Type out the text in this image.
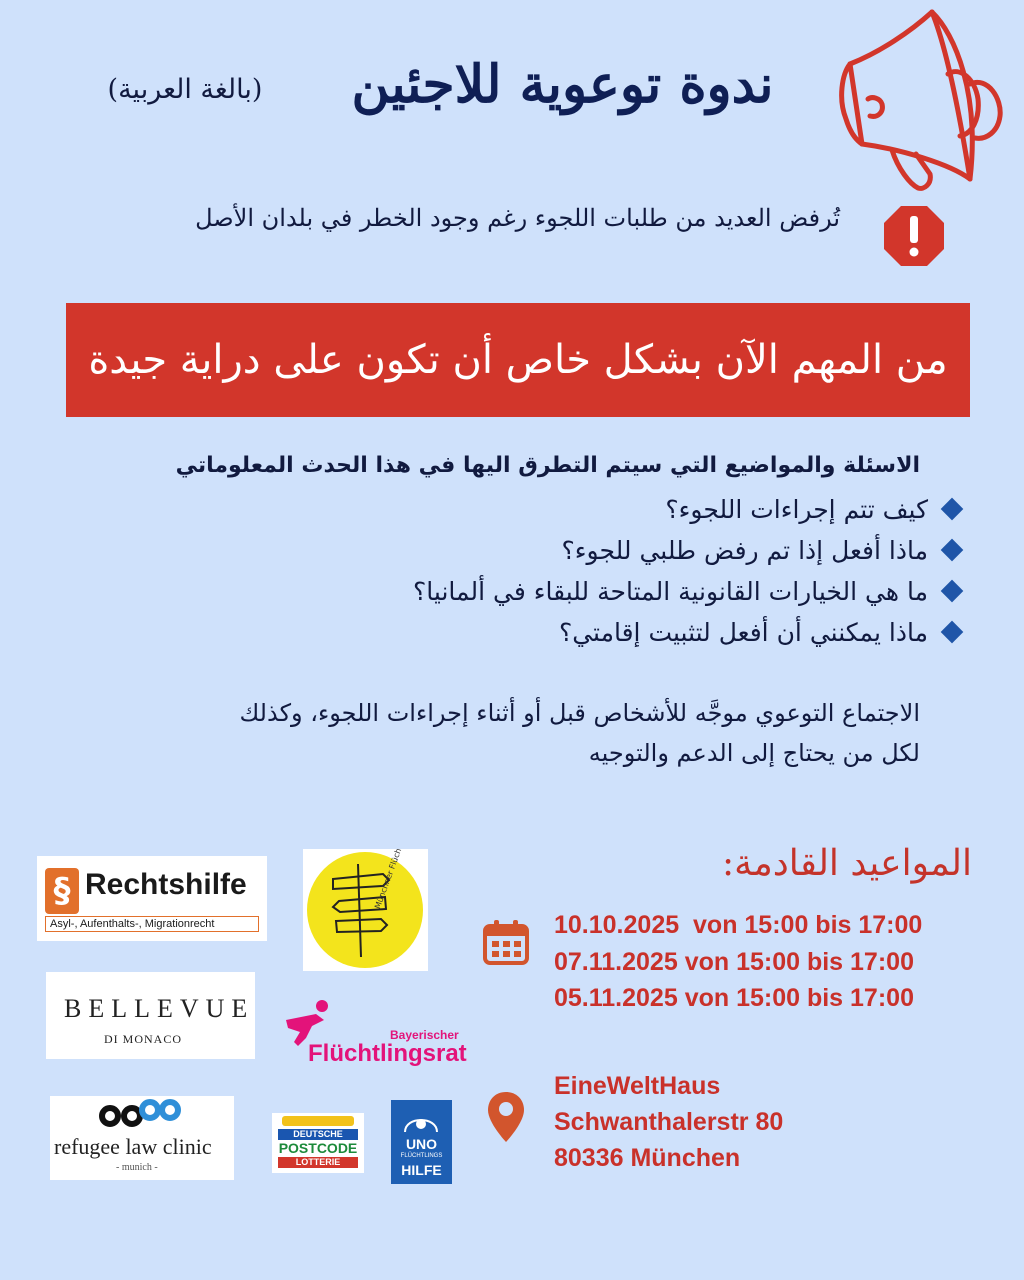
ندوة توعوية للاجئين
(بالغة العربية)
تُرفض العديد من طلبات اللجوء رغم وجود الخطر في بلدان الأصل
من المهم الآن بشكل خاص أن تكون على دراية جيدة
الاسئلة والمواضيع التي سيتم التطرق اليها في هذا الحدث المعلوماتي
كيف تتم إجراءات اللجوء؟
ماذا أفعل إذا تم رفض طلبي للجوء؟
ما هي الخيارات القانونية المتاحة للبقاء في ألمانيا؟
ماذا يمكنني أن أفعل لتثبيت إقامتي؟
الاجتماع التوعوي موجَّه للأشخاص قبل أو أثناء إجراءات اللجوء، وكذلك
لكل من يحتاج إلى الدعم والتوجيه
المواعيد القادمة:
10.10.2025  von 15:00 bis 17:00
07.11.2025 von 15:00 bis 17:00
05.11.2025 von 15:00 bis 17:00
EineWeltHaus
Schwanthalerstr 80
80336 München
§ Rechtshilfe
Asyl-, Aufenthalts-, Migrationrecht
BELLEVUE
DI MONACO	Bayerischer
Flüchtlingsrat
refugee law clinic
- munich -
DEUTSCHE
POSTCODE
LOTTERIE
UNO
FLÜCHTLINGS
HILFE
